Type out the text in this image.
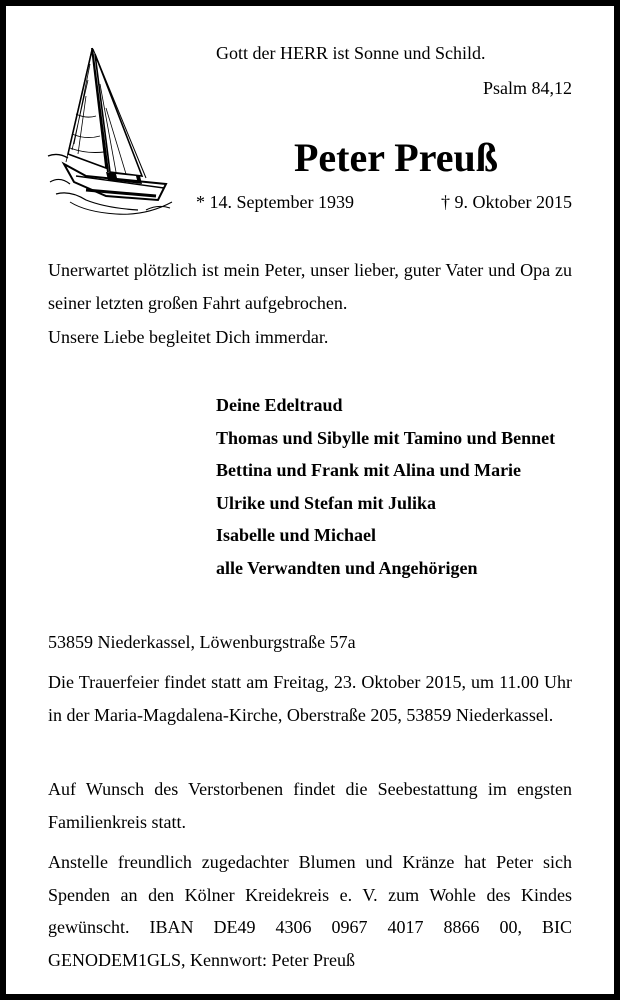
Gott der HERR ist Sonne und Schild.
Psalm 84,12
Peter Preuß
* 14. September 1939	† 9. Oktober 2015

Unerwartet plötzlich ist mein Peter, unser lieber, guter Vater und Opa zu seiner letzten großen Fahrt aufgebrochen.

Unsere Liebe begleitet Dich immerdar.

Deine Edeltraud
Thomas und Sibylle mit Tamino und Bennet
Bettina und Frank mit Alina und Marie
Ulrike und Stefan mit Julika
Isabelle und Michael
alle Verwandten und Angehörigen

53859 Niederkassel, Löwenburgstraße 57a

Die Trauerfeier findet statt am Freitag, 23. Oktober 2015, um 11.00 Uhr in der Maria-Magdalena-Kirche, Oberstraße 205, 53859 Niederkassel.

Auf Wunsch des Verstorbenen findet die Seebestattung im engsten Familienkreis statt.

Anstelle freundlich zugedachter Blumen und Kränze hat Peter sich Spenden an den Kölner Kreidekreis e. V. zum Wohle des Kindes gewünscht. IBAN DE49 4306 0967 4017 8866 00, BIC GENODEM1GLS, Kennwort: Peter Preuß
